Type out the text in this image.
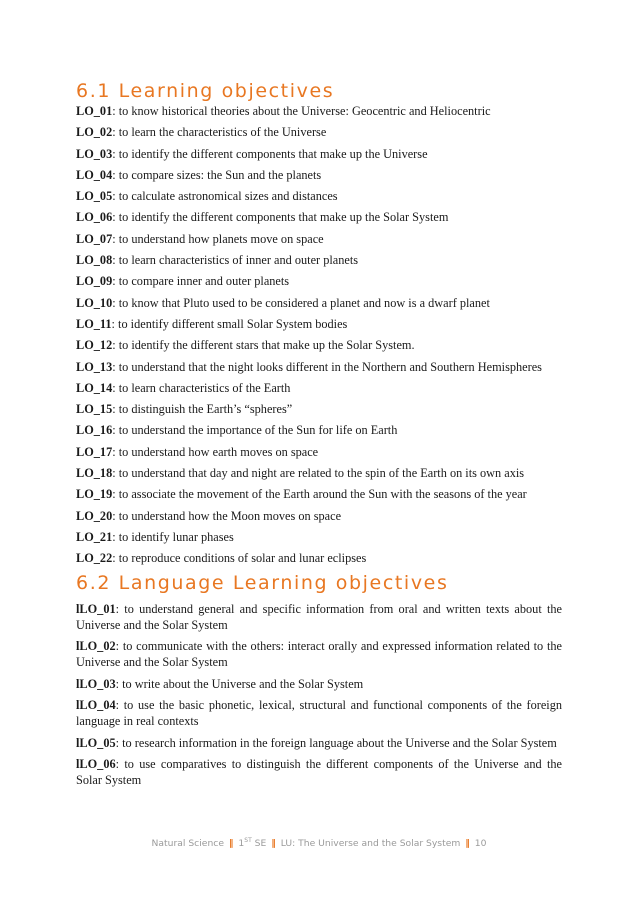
6.1 Learning objectives
LO_01: to know historical theories about the Universe: Geocentric and Heliocentric
LO_02: to learn the characteristics of the Universe
LO_03: to identify the different components that make up the Universe
LO_04: to compare sizes: the Sun and the planets
LO_05: to calculate astronomical sizes and distances
LO_06: to identify the different components that make up the Solar System
LO_07: to understand how planets move on space
LO_08: to learn characteristics of inner and outer planets
LO_09: to compare inner and outer planets
LO_10: to know that Pluto used to be considered a planet and now is a dwarf planet
LO_11: to identify different small Solar System bodies
LO_12: to identify the different stars that make up the Solar System.
LO_13: to understand that the night looks different in the Northern and Southern Hemispheres
LO_14: to learn characteristics of the Earth
LO_15: to distinguish the Earth’s “spheres”
LO_16: to understand the importance of the Sun for life on Earth
LO_17: to understand how earth moves on space
LO_18: to understand that day and night are related to the spin of the Earth on its own axis
LO_19: to associate the movement of the Earth around the Sun with the seasons of the year
LO_20: to understand how the Moon moves on space
LO_21: to identify lunar phases
LO_22: to reproduce conditions of solar and lunar eclipses
6.2 Language Learning objectives
lLO_01: to understand general and specific information from oral and written texts about the Universe and the Solar System
lLO_02: to communicate with the others: interact orally and expressed information related to the Universe and the Solar System
lLO_03: to write about the Universe and the Solar System
lLO_04: to use the basic phonetic, lexical, structural and functional components of the foreign language in real contexts
lLO_05: to research information in the foreign language about the Universe and the Solar System
lLO_06: to use comparatives to distinguish the different components of the Universe and the Solar System
Natural Science ‖ 1ST SE ‖ LU: The Universe and the Solar System ‖ 10
